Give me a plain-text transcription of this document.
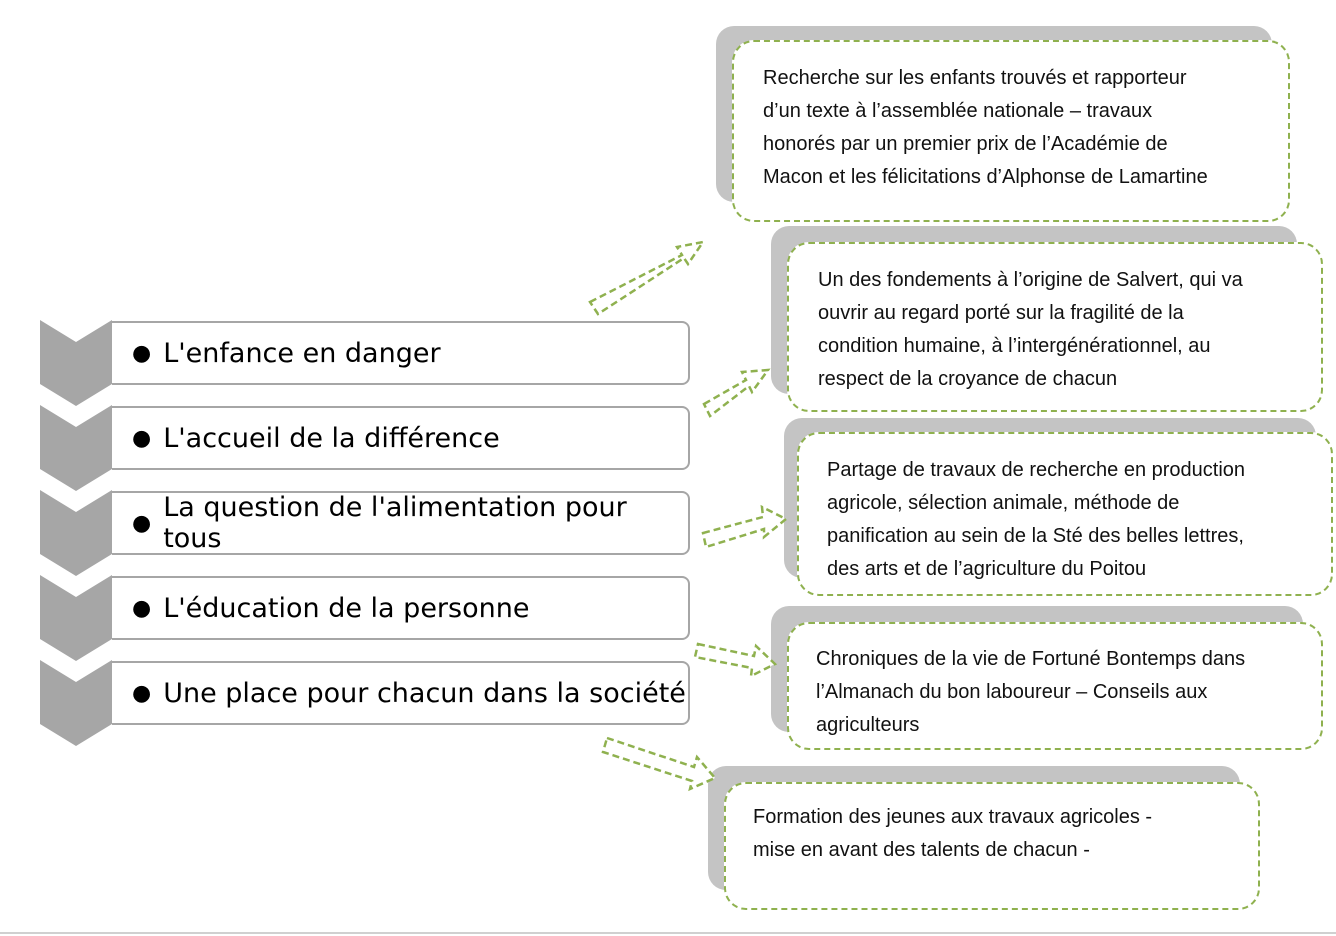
● L'enfance en danger
● L'accueil de la différence
● La question de l'alimentation pour tous
● L'éducation de la personne
● Une place pour chacun dans la société
Recherche sur les enfants trouvés et rapporteur
d’un texte à l’assemblée nationale – travaux
honorés par un premier prix de l’Académie de
Macon et les félicitations d’Alphonse de Lamartine
Un des fondements à l’origine de Salvert, qui va
ouvrir au regard porté sur la fragilité de la
condition humaine, à l’intergénérationnel, au
respect de la croyance de chacun
Partage de travaux de recherche en production
agricole, sélection animale, méthode de
panification au sein de la Sté des belles lettres,
des arts et de l’agriculture du Poitou
Chroniques de la vie de Fortuné Bontemps dans
l’Almanach du bon laboureur – Conseils aux
agriculteurs
Formation des jeunes aux travaux agricoles -
mise en avant des talents de chacun -
